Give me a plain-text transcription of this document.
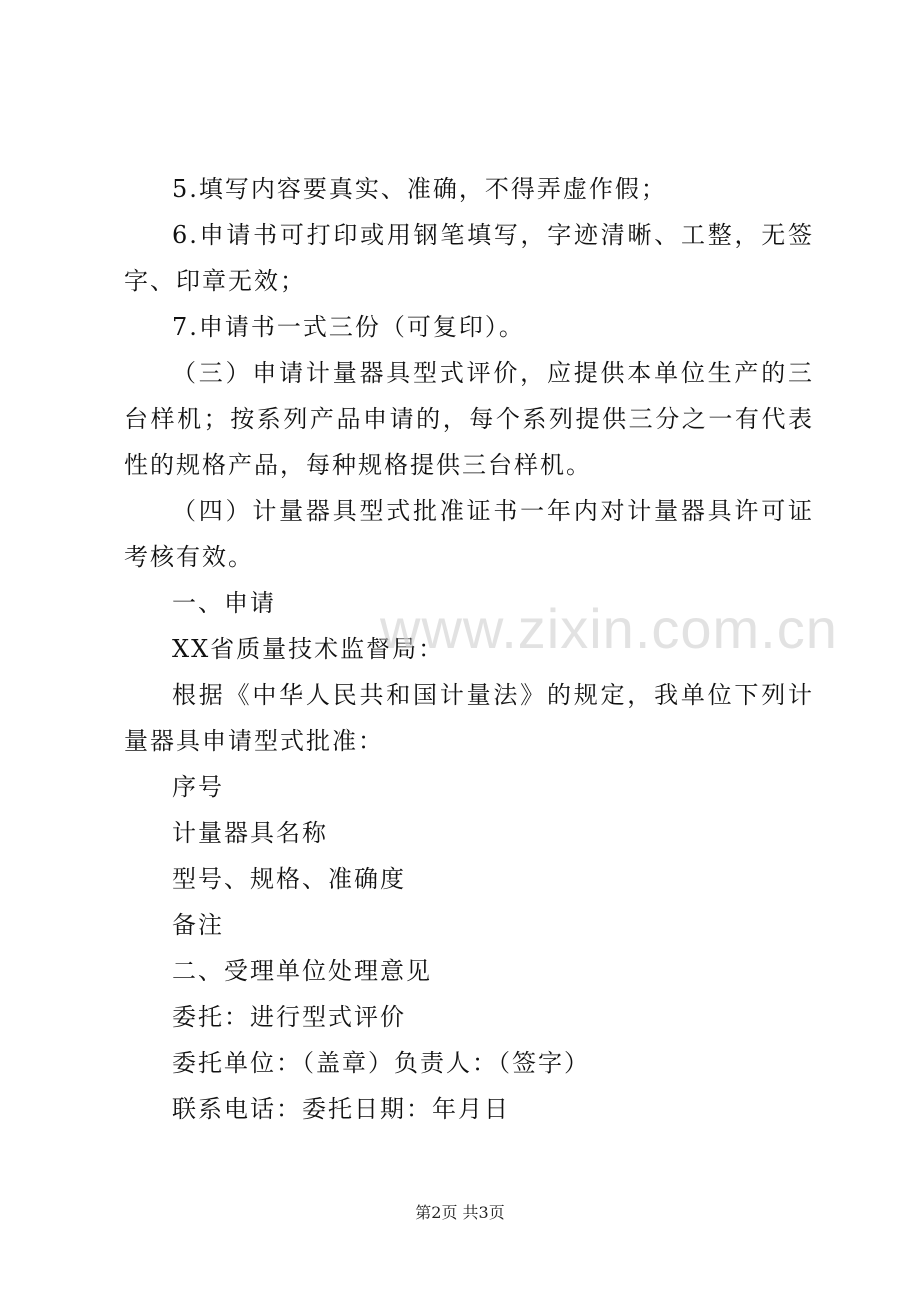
5.填写内容要真实、准确，不得弄虚作假；

6.申请书可打印或用钢笔填写，字迹清晰、工整，无签字、印章无效；

7.申请书一式三份（可复印）。

（三）申请计量器具型式评价，应提供本单位生产的三台样机；按系列产品申请的，每个系列提供三分之一有代表性的规格产品，每种规格提供三台样机。

（四）计量器具型式批准证书一年内对计量器具许可证考核有效。

一、申请

XX省质量技术监督局：

根据《中华人民共和国计量法》的规定，我单位下列计量器具申请型式批准：

序号

计量器具名称

型号、规格、准确度

备注

二、受理单位处理意见

委托：进行型式评价

委托单位：（盖章）负责人：（签字）

联系电话：委托日期：年月日

www.zixin.com.cn
第2页 共3页
